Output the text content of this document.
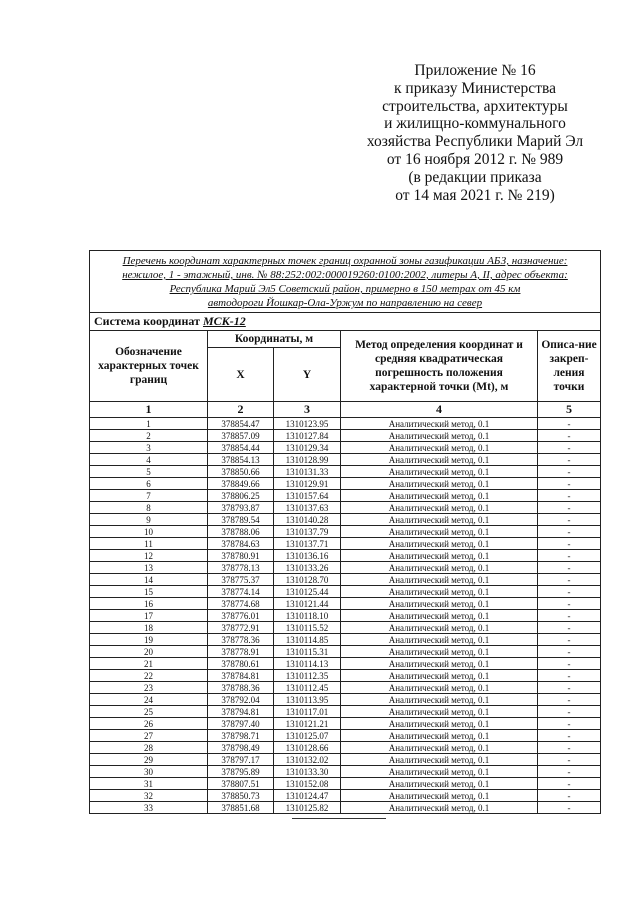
Приложение № 16
к приказу Министерства
строительства, архитектуры
и жилищно-коммунального
хозяйства Республики Марий Эл
от 16 ноября 2012 г. № 989
(в редакции приказа
от 14 мая 2021 г. № 219)
Перечень координат характерных точек границ охранной зоны газификации АБЗ, назначение:
нежилое, 1 - этажный, инв. № 88:252:002:000019260:0100:2002, литеры А, II, адрес объекта:
Республика Марий Эл5 Советский район, примерно в 150 метрах от 45 км
автодороги Йошкар-Ола-Уржум по направлению на север				

Система координат МСК-12				
Обозначение характерных точек границ	Координаты, м		Метод определения координат и средняя квадратическая погрешность положения характерной точки (Mt), м	Описа-ние закреп-ления точки
	X	Y		
1	2	3	4	5
1	378854.47	1310123.95	Аналитический метод, 0.1	-
2	378857.09	1310127.84	Аналитический метод, 0.1	-
3	378854.44	1310129.34	Аналитический метод, 0.1	-
4	378854.13	1310128.99	Аналитический метод, 0.1	-
5	378850.66	1310131.33	Аналитический метод, 0.1	-
6	378849.66	1310129.91	Аналитический метод, 0.1	-
7	378806.25	1310157.64	Аналитический метод, 0.1	-
8	378793.87	1310137.63	Аналитический метод, 0.1	-
9	378789.54	1310140.28	Аналитический метод, 0.1	-
10	378788.06	1310137.79	Аналитический метод, 0.1	-
11	378784.63	1310137.71	Аналитический метод, 0.1	-
12	378780.91	1310136.16	Аналитический метод, 0.1	-
13	378778.13	1310133.26	Аналитический метод, 0.1	-
14	378775.37	1310128.70	Аналитический метод, 0.1	-
15	378774.14	1310125.44	Аналитический метод, 0.1	-
16	378774.68	1310121.44	Аналитический метод, 0.1	-
17	378776.01	1310118.10	Аналитический метод, 0.1	-
18	378772.91	1310115.52	Аналитический метод, 0.1	-
19	378778.36	1310114.85	Аналитический метод, 0.1	-
20	378778.91	1310115.31	Аналитический метод, 0.1	-
21	378780.61	1310114.13	Аналитический метод, 0.1	-
22	378784.81	1310112.35	Аналитический метод, 0.1	-
23	378788.36	1310112.45	Аналитический метод, 0.1	-
24	378792.04	1310113.95	Аналитический метод, 0.1	-
25	378794.81	1310117.01	Аналитический метод, 0.1	-
26	378797.40	1310121.21	Аналитический метод, 0.1	-
27	378798.71	1310125.07	Аналитический метод, 0.1	-
28	378798.49	1310128.66	Аналитический метод, 0.1	-
29	378797.17	1310132.02	Аналитический метод, 0.1	-
30	378795.89	1310133.30	Аналитический метод, 0.1	-
31	378807.51	1310152.08	Аналитический метод, 0.1	-
32	378850.73	1310124.47	Аналитический метод, 0.1	-
33	378851.68	1310125.82	Аналитический метод, 0.1	-
